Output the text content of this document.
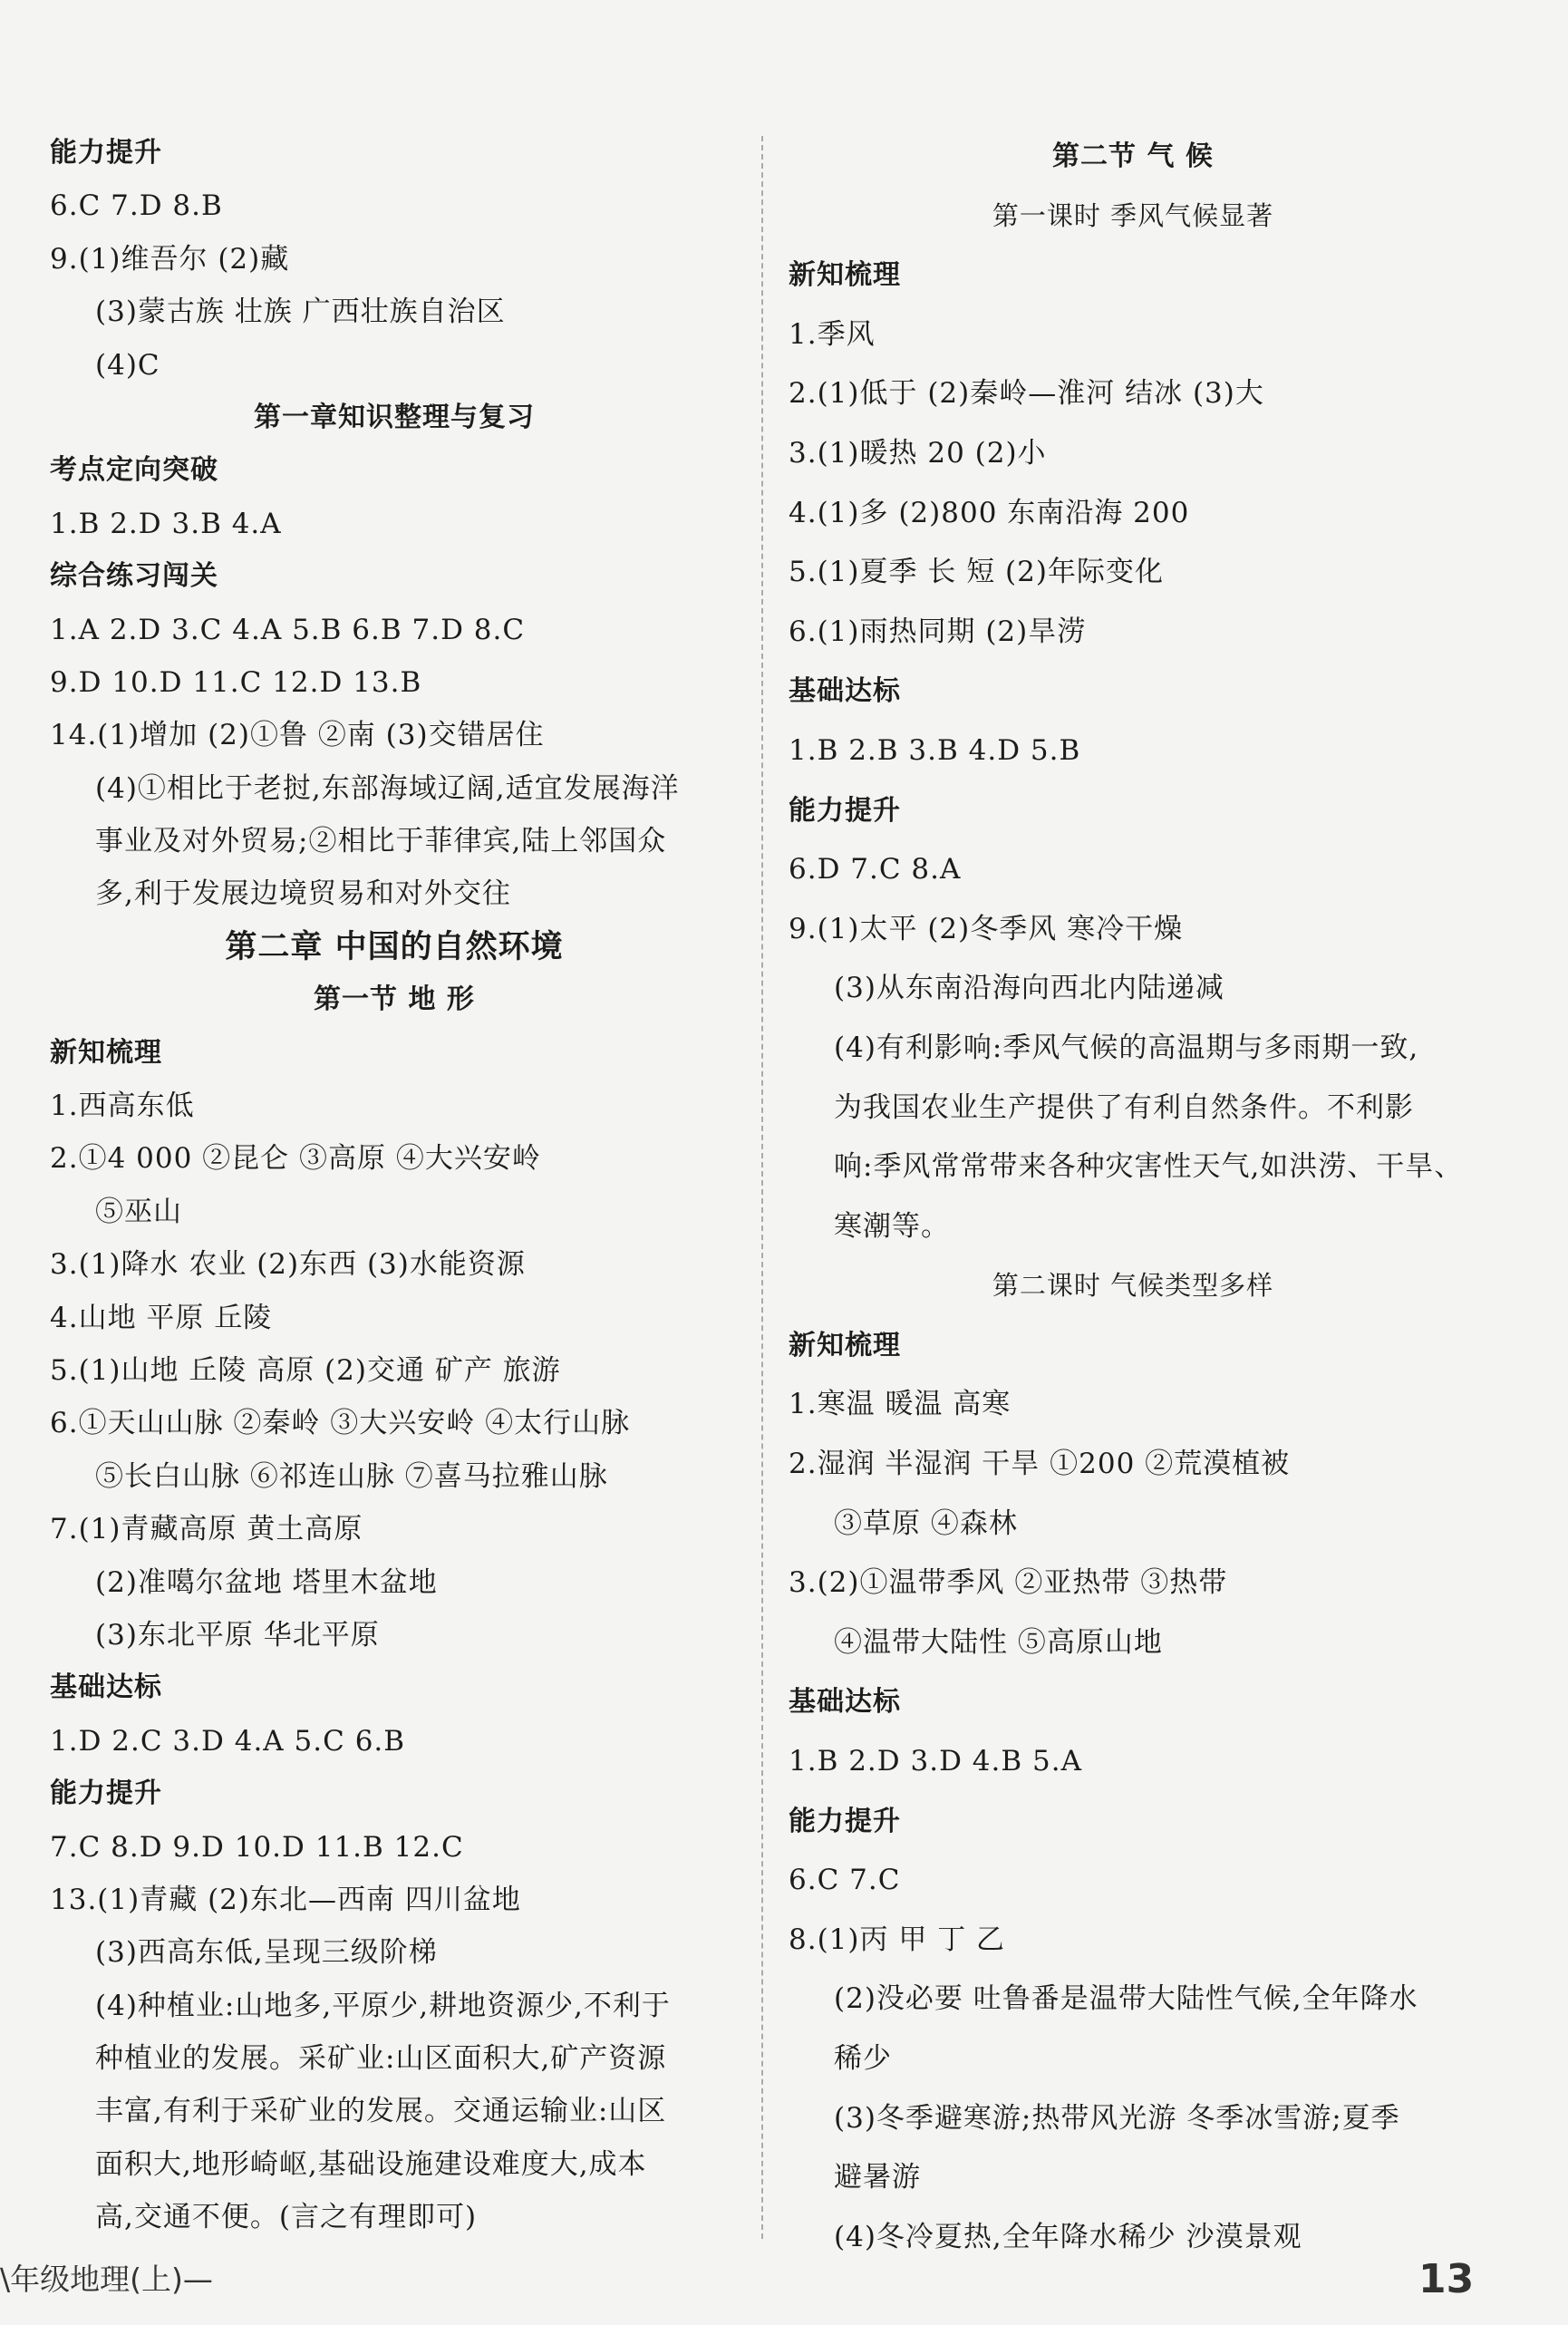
能力提升
6.C 7.D 8.B
9.(1)维吾尔 (2)藏
(3)蒙古族 壮族 广西壮族自治区
(4)C
第一章知识整理与复习
考点定向突破
1.B 2.D 3.B 4.A
综合练习闯关
1.A 2.D 3.C 4.A 5.B 6.B 7.D 8.C
9.D 10.D 11.C 12.D 13.B
14.(1)增加 (2)①鲁 ②南 (3)交错居住
(4)①相比于老挝,东部海域辽阔,适宜发展海洋
事业及对外贸易;②相比于菲律宾,陆上邻国众
多,利于发展边境贸易和对外交往
第二章 中国的自然环境
第一节 地 形
新知梳理
1.西高东低
2.①4 000 ②昆仑 ③高原 ④大兴安岭
⑤巫山
3.(1)降水 农业 (2)东西 (3)水能资源
4.山地 平原 丘陵
5.(1)山地 丘陵 高原 (2)交通 矿产 旅游
6.①天山山脉 ②秦岭 ③大兴安岭 ④太行山脉
⑤长白山脉 ⑥祁连山脉 ⑦喜马拉雅山脉
7.(1)青藏高原 黄土高原
(2)准噶尔盆地 塔里木盆地
(3)东北平原 华北平原
基础达标
1.D 2.C 3.D 4.A 5.C 6.B
能力提升
7.C 8.D 9.D 10.D 11.B 12.C
13.(1)青藏 (2)东北—西南 四川盆地
(3)西高东低,呈现三级阶梯
(4)种植业:山地多,平原少,耕地资源少,不利于
种植业的发展。采矿业:山区面积大,矿产资源
丰富,有利于采矿业的发展。交通运输业:山区
面积大,地形崎岖,基础设施建设难度大,成本
高,交通不便。(言之有理即可)
第二节 气 候
第一课时 季风气候显著
新知梳理
1.季风
2.(1)低于 (2)秦岭—淮河 结冰 (3)大
3.(1)暖热 20 (2)小
4.(1)多 (2)800 东南沿海 200
5.(1)夏季 长 短 (2)年际变化
6.(1)雨热同期 (2)旱涝
基础达标
1.B 2.B 3.B 4.D 5.B
能力提升
6.D 7.C 8.A
9.(1)太平 (2)冬季风 寒冷干燥
(3)从东南沿海向西北内陆递减
(4)有利影响:季风气候的高温期与多雨期一致,
为我国农业生产提供了有利自然条件。不利影
响:季风常常带来各种灾害性天气,如洪涝、干旱、
寒潮等。
第二课时 气候类型多样
新知梳理
1.寒温 暖温 高寒
2.湿润 半湿润 干旱 ①200 ②荒漠植被
③草原 ④森林
3.(2)①温带季风 ②亚热带 ③热带
④温带大陆性 ⑤高原山地
基础达标
1.B 2.D 3.D 4.B 5.A
能力提升
6.C 7.C
8.(1)丙 甲 丁 乙
(2)没必要 吐鲁番是温带大陆性气候,全年降水
稀少
(3)冬季避寒游;热带风光游 冬季冰雪游;夏季
避暑游
(4)冬冷夏热,全年降水稀少 沙漠景观
\年级地理(上)—	13
